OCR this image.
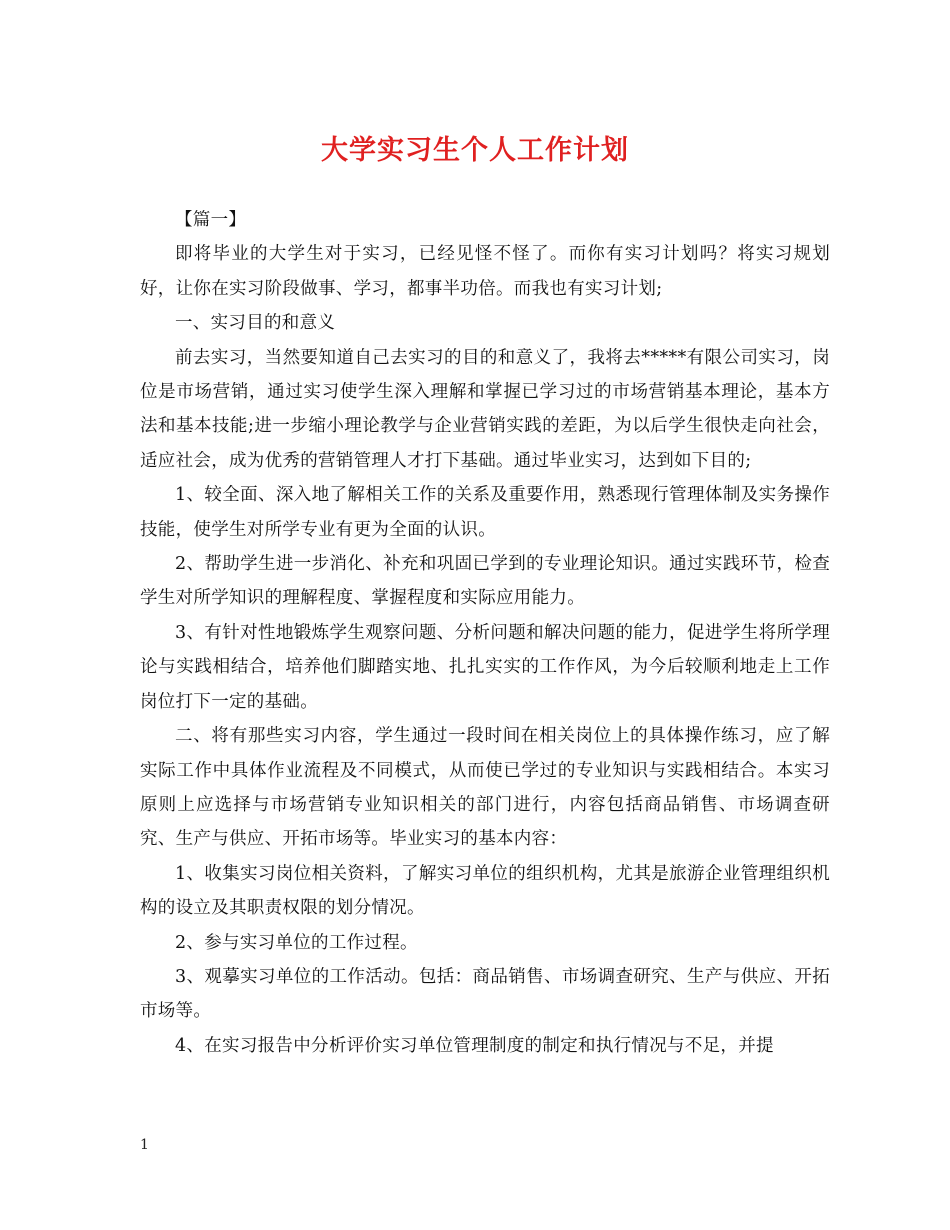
大学实习生个人工作计划

【篇一】

即将毕业的大学生对于实习，已经见怪不怪了。而你有实习计划吗？将实习规划好，让你在实习阶段做事、学习，都事半功倍。而我也有实习计划;

一、实习目的和意义

前去实习，当然要知道自己去实习的目的和意义了，我将去*****有限公司实习，岗位是市场营销，通过实习使学生深入理解和掌握已学习过的市场营销基本理论，基本方法和基本技能;进一步缩小理论教学与企业营销实践的差距，为以后学生很快走向社会，适应社会，成为优秀的营销管理人才打下基础。通过毕业实习，达到如下目的;

1、较全面、深入地了解相关工作的关系及重要作用，熟悉现行管理体制及实务操作技能，使学生对所学专业有更为全面的认识。

2、帮助学生进一步消化、补充和巩固已学到的专业理论知识。通过实践环节，检查学生对所学知识的理解程度、掌握程度和实际应用能力。

3、有针对性地锻炼学生观察问题、分析问题和解决问题的能力，促进学生将所学理论与实践相结合，培养他们脚踏实地、扎扎实实的工作作风，为今后较顺利地走上工作岗位打下一定的基础。

二、将有那些实习内容，学生通过一段时间在相关岗位上的具体操作练习，应了解实际工作中具体作业流程及不同模式，从而使已学过的专业知识与实践相结合。本实习原则上应选择与市场营销专业知识相关的部门进行，内容包括商品销售、市场调查研究、生产与供应、开拓市场等。毕业实习的基本内容：

1、收集实习岗位相关资料，了解实习单位的组织机构，尤其是旅游企业管理组织机构的设立及其职责权限的划分情况。

2、参与实习单位的工作过程。

3、观摹实习单位的工作活动。包括：商品销售、市场调查研究、生产与供应、开拓市场等。

4、在实习报告中分析评价实习单位管理制度的制定和执行情况与不足，并提

1
